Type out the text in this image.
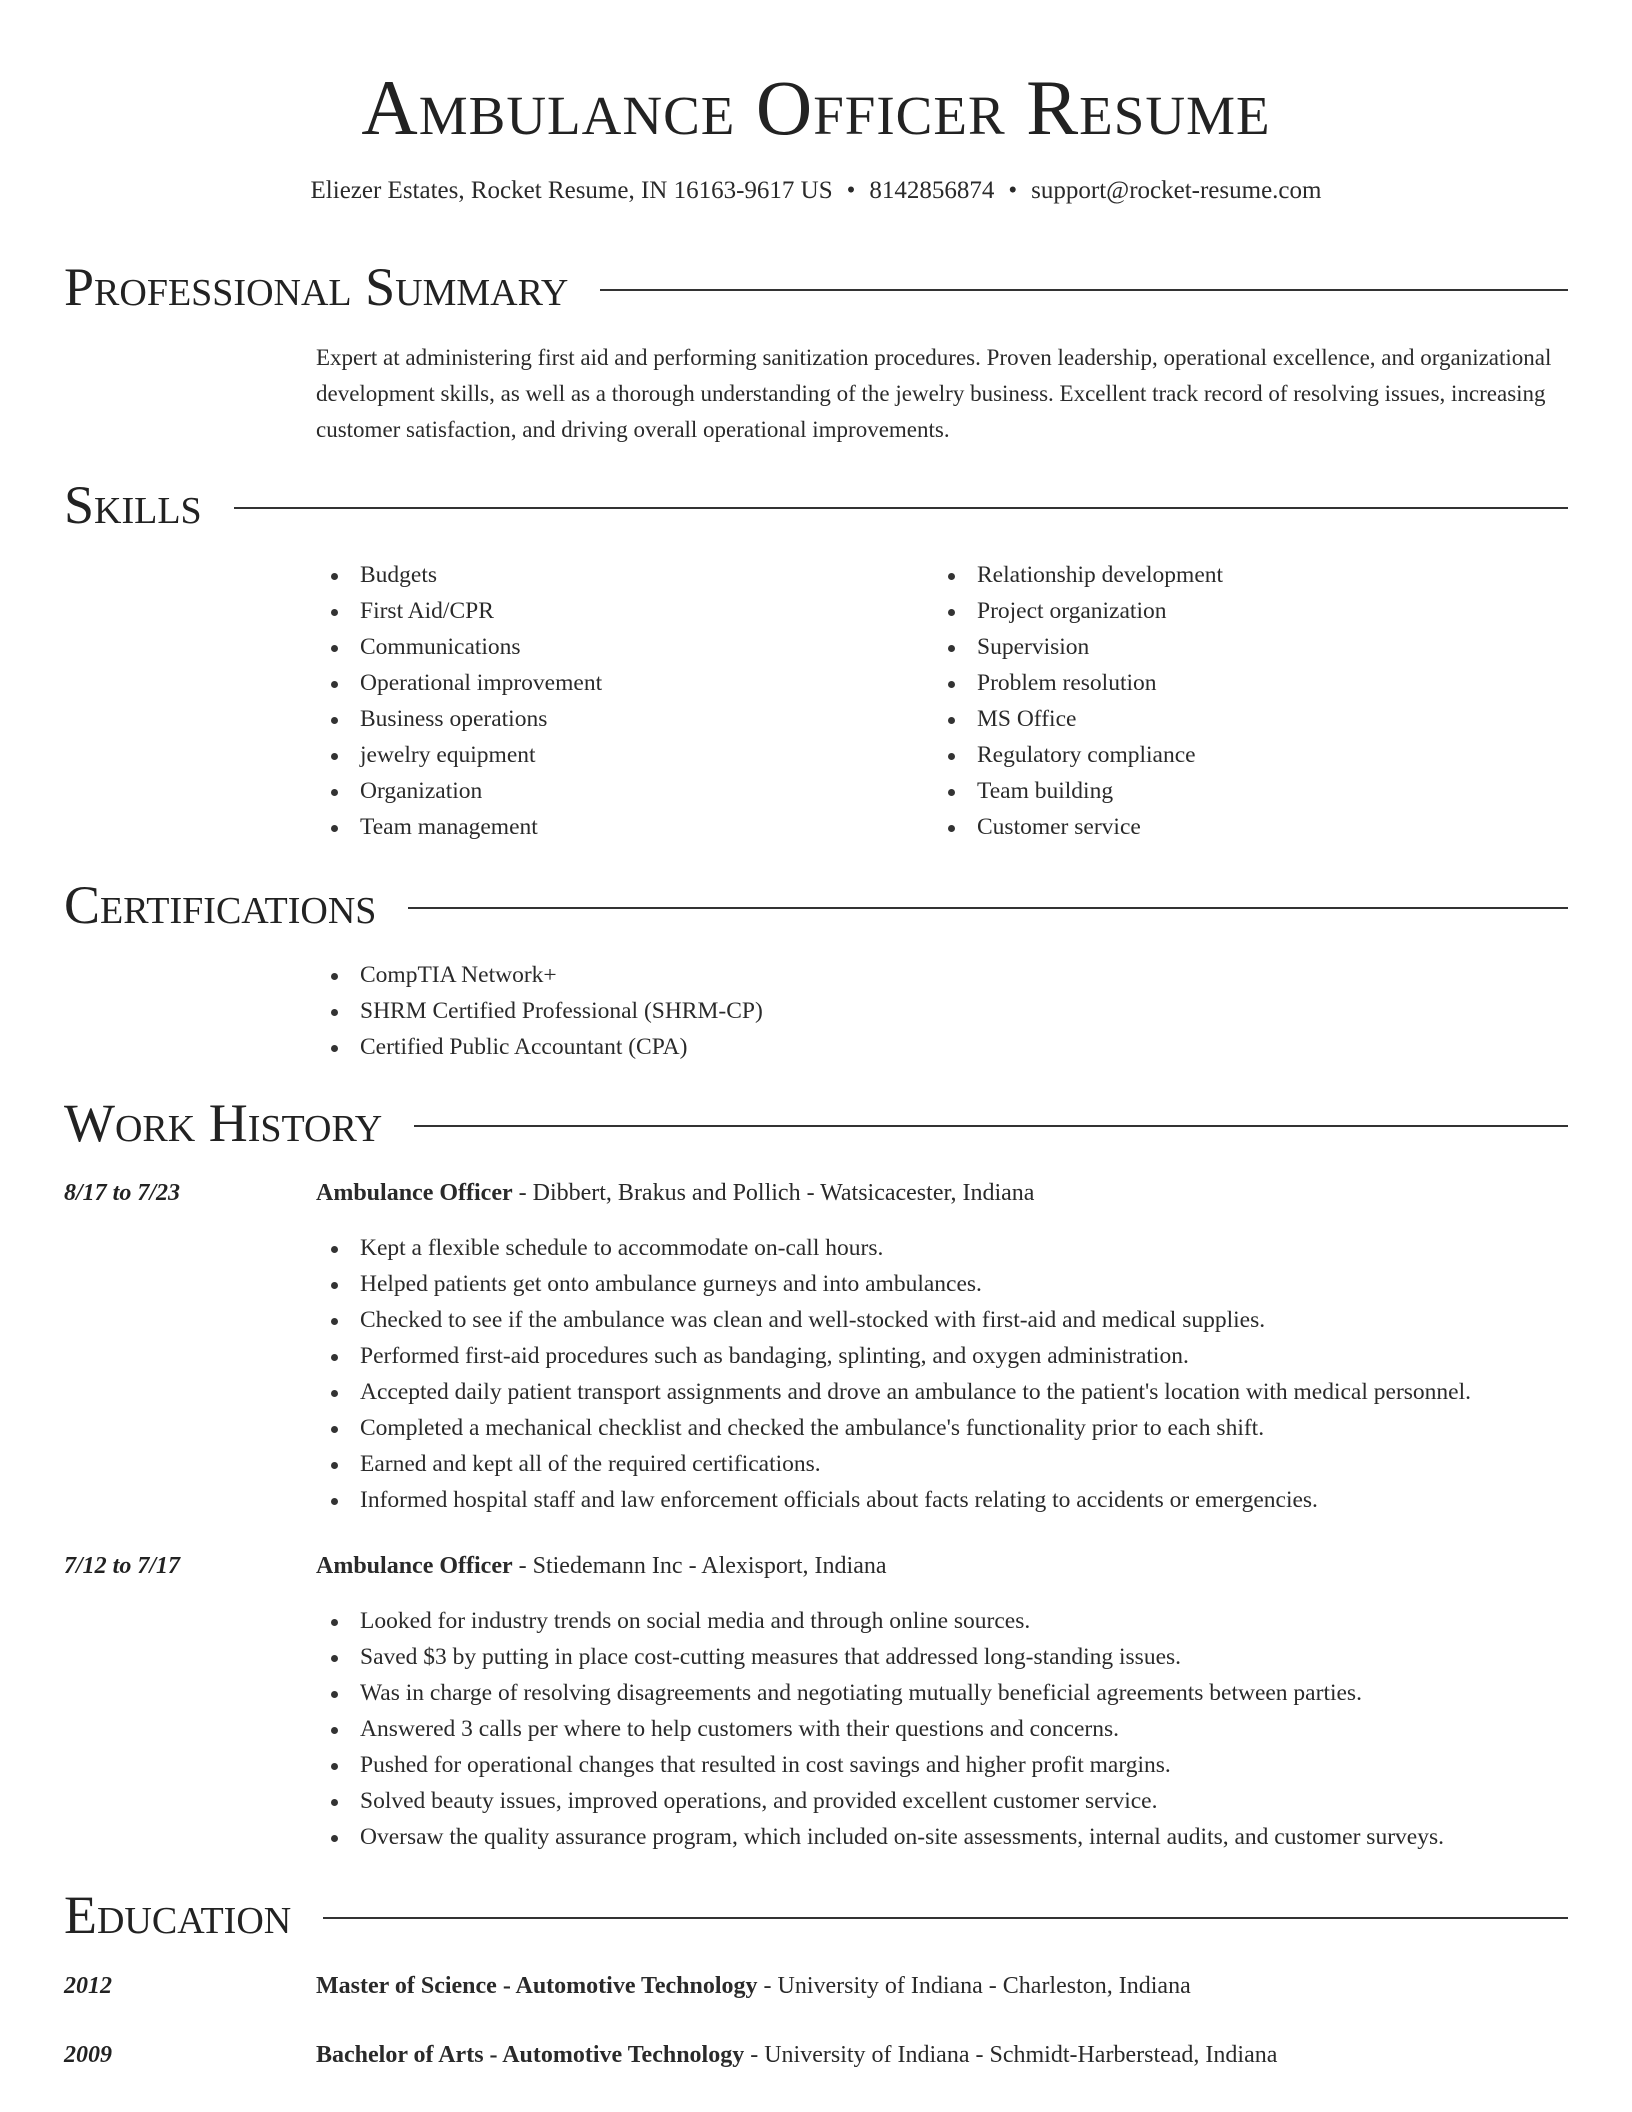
Ambulance Officer Resume
Eliezer Estates, Rocket Resume, IN 16163-9617 US • 8142856874 • support@rocket-resume.com
Professional Summary

Expert at administering first aid and performing sanitization procedures. Proven leadership, operational excellence, and organizational development skills, as well as a thorough understanding of the jewelry business. Excellent track record of resolving issues, increasing customer satisfaction, and driving overall operational improvements.

Skills
Budgets
First Aid/CPR
Communications
Operational improvement
Business operations
jewelry equipment
Organization
Team management
Relationship development
Project organization
Supervision
Problem resolution
MS Office
Regulatory compliance
Team building
Customer service
Certifications
CompTIA Network+
SHRM Certified Professional (SHRM-CP)
Certified Public Accountant (CPA)
Work History
8/17 to 7/23	Ambulance Officer - Dibbert, Brakus and Pollich - Watsicacester, Indiana
Kept a flexible schedule to accommodate on-call hours.
Helped patients get onto ambulance gurneys and into ambulances.
Checked to see if the ambulance was clean and well-stocked with first-aid and medical supplies.
Performed first-aid procedures such as bandaging, splinting, and oxygen administration.
Accepted daily patient transport assignments and drove an ambulance to the patient's location with medical personnel.
Completed a mechanical checklist and checked the ambulance's functionality prior to each shift.
Earned and kept all of the required certifications.
Informed hospital staff and law enforcement officials about facts relating to accidents or emergencies.
7/12 to 7/17	Ambulance Officer - Stiedemann Inc - Alexisport, Indiana
Looked for industry trends on social media and through online sources.
Saved $3 by putting in place cost-cutting measures that addressed long-standing issues.
Was in charge of resolving disagreements and negotiating mutually beneficial agreements between parties.
Answered 3 calls per where to help customers with their questions and concerns.
Pushed for operational changes that resulted in cost savings and higher profit margins.
Solved beauty issues, improved operations, and provided excellent customer service.
Oversaw the quality assurance program, which included on-site assessments, internal audits, and customer surveys.
Education
2012	Master of Science - Automotive Technology - University of Indiana - Charleston, Indiana
2009	Bachelor of Arts - Automotive Technology - University of Indiana - Schmidt-Harberstead, Indiana
